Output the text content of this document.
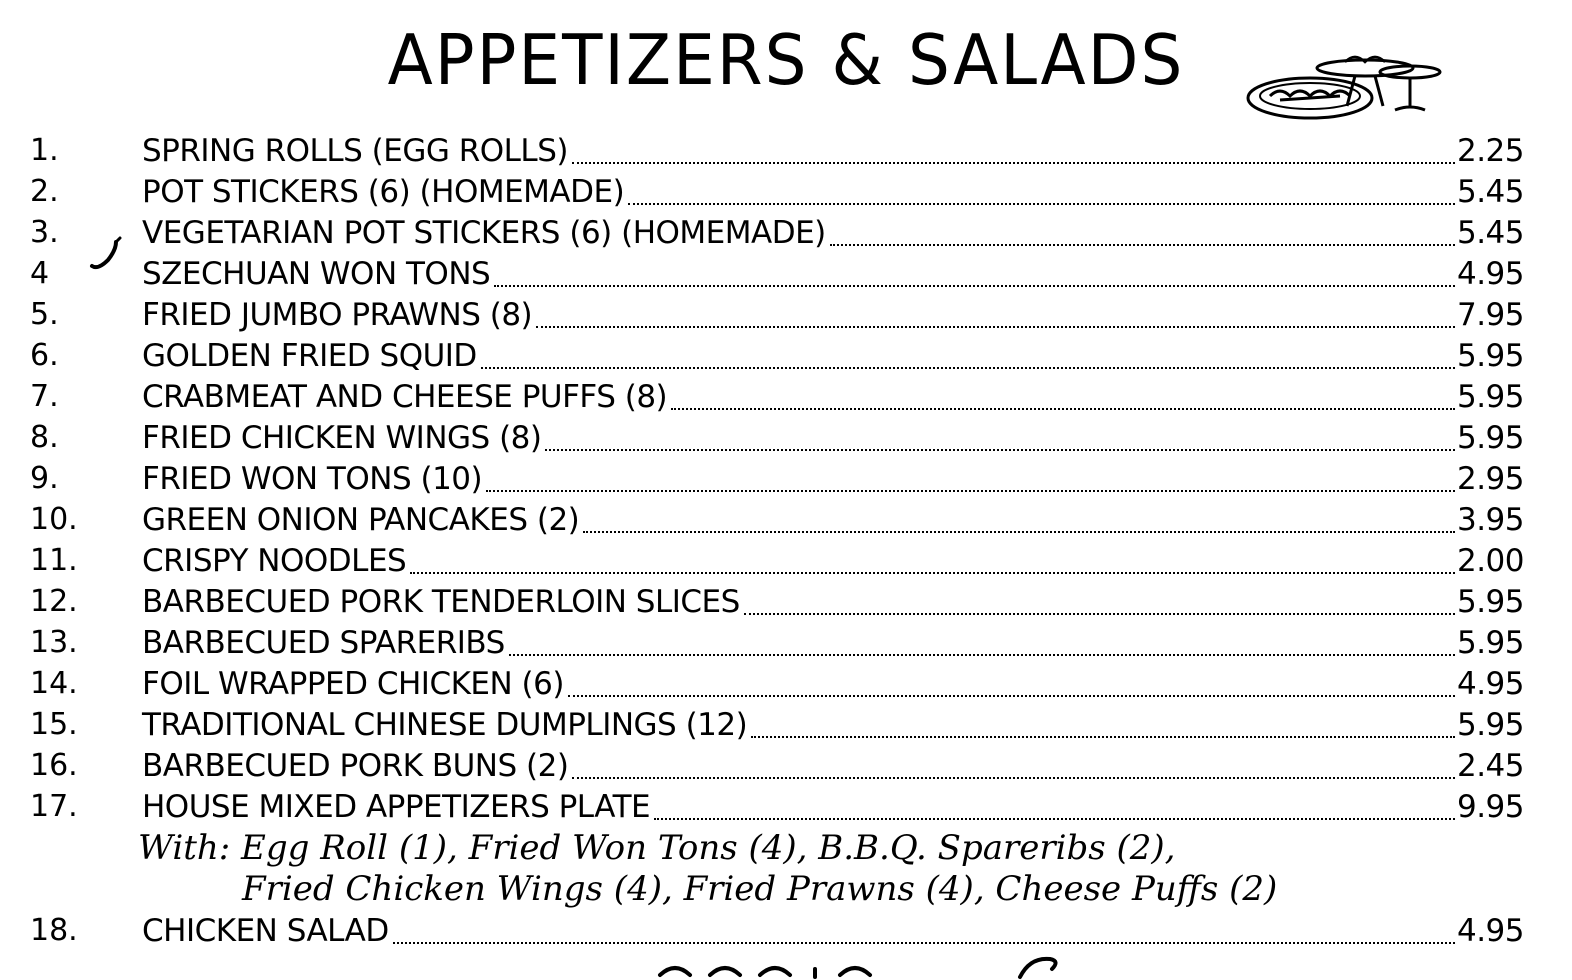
APPETIZERS & SALADS
1.	SPRING ROLLS (EGG ROLLS)	2.25
2.	POT STICKERS (6) (HOMEMADE)	5.45
3.	VEGETARIAN POT STICKERS (6) (HOMEMADE)	5.45
4	SZECHUAN WON TONS	4.95
5.	FRIED JUMBO PRAWNS (8)	7.95
6.	GOLDEN FRIED SQUID	5.95
7.	CRABMEAT AND CHEESE PUFFS (8)	5.95
8.	FRIED CHICKEN WINGS (8)	5.95
9.	FRIED WON TONS (10)	2.95
10.	GREEN ONION PANCAKES (2)	3.95
11.	CRISPY NOODLES	2.00
12.	BARBECUED PORK TENDERLOIN SLICES	5.95
13.	BARBECUED SPARERIBS	5.95
14.	FOIL WRAPPED CHICKEN (6)	4.95
15.	TRADITIONAL CHINESE DUMPLINGS (12)	5.95
16.	BARBECUED PORK BUNS (2)	2.45
17.	HOUSE MIXED APPETIZERS PLATE	9.95
With: Egg Roll (1), Fried Won Tons (4), B.B.Q. Spareribs (2),
Fried Chicken Wings (4), Fried Prawns (4), Cheese Puffs (2)
18.	CHICKEN SALAD	4.95
